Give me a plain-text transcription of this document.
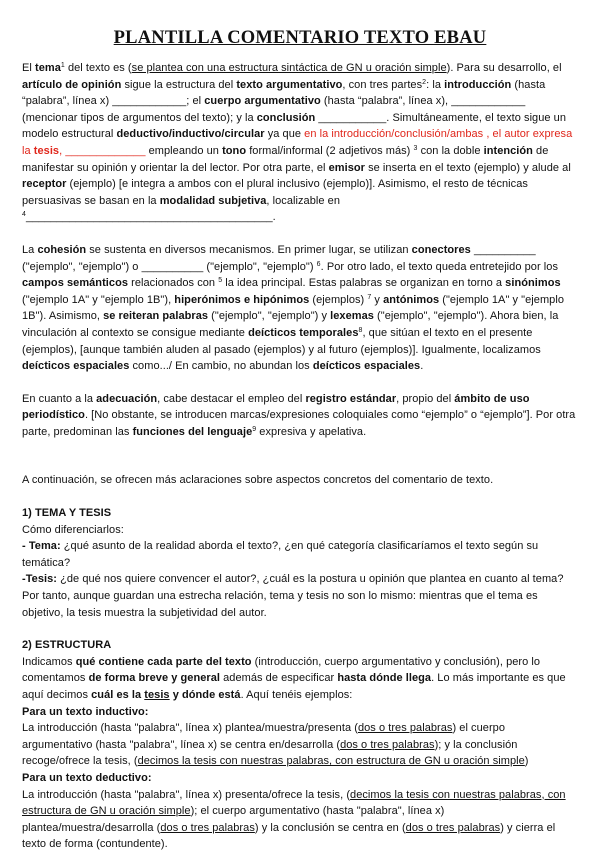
PLANTILLA COMENTARIO TEXTO EBAU

El tema$^1$ del texto es (se plantea con una estructura sintáctica de GN u oración simple). Para su desarrollo, el artículo de opinión sigue la estructura del texto argumentativo, con tres partes$^2$: la introducción (hasta “palabra”, línea x) ____________; el cuerpo argumentativo (hasta “palabra”, línea x), ____________ (mencionar tipos de argumentos del texto); y la conclusión ___________. Simultáneamente, el texto sigue un modelo estructural deductivo/inductivo/circular ya que en la introducción/conclusión/ambas , el autor expresa la tesis, _____________ empleando un tono formal/informal (2 adjetivos más) $^3$ con la doble intención de manifestar su opinión y orientar la del lector. Por otra parte, el emisor se inserta en el texto (ejemplo) y alude al receptor (ejemplo) [e integra a ambos con el plural inclusivo (ejemplo)]. Asimismo, el resto de técnicas persuasivas se basan en la modalidad subjetiva, localizable en $^4$________________________________________.

La cohesión se sustenta en diversos mecanismos. En primer lugar, se utilizan conectores __________ ("ejemplo", "ejemplo") o __________ ("ejemplo", "ejemplo") $^6$. Por otro lado, el texto queda entretejido por los campos semánticos relacionados con $^5$ la idea principal. Estas palabras se organizan en torno a sinónimos ("ejemplo 1A" y "ejemplo 1B"), hiperónimos e hipónimos (ejemplos) $^7$ y antónimos ("ejemplo 1A" y "ejemplo 1B"). Asimismo, se reiteran palabras ("ejemplo", "ejemplo") y lexemas ("ejemplo", "ejemplo"). Ahora bien, la vinculación al contexto se consigue mediante deícticos temporales$^8$, que sitúan el texto en el presente (ejemplos), [aunque también aluden al pasado (ejemplos) y al futuro (ejemplos)]. Igualmente, localizamos deícticos espaciales como.../ En cambio, no abundan los deícticos espaciales.

En cuanto a la adecuación, cabe destacar el empleo del registro estándar, propio del ámbito de uso periodístico. [No obstante, se introducen marcas/expresiones coloquiales como “ejemplo” o “ejemplo”]. Por otra parte, predominan las funciones del lenguaje$^9$ expresiva y apelativa.

A continuación, se ofrecen más aclaraciones sobre aspectos concretos del comentario de texto.

1) TEMA Y TESIS

Cómo diferenciarlos:

- Tema: ¿qué asunto de la realidad aborda el texto?, ¿en qué categoría clasificaríamos el texto según su temática?

-Tesis: ¿de qué nos quiere convencer el autor?, ¿cuál es la postura u opinión que plantea en cuanto al tema? Por tanto, aunque guardan una estrecha relación, tema y tesis no son lo mismo: mientras que el tema es objetivo, la tesis muestra la subjetividad del autor.

2) ESTRUCTURA

Indicamos qué contiene cada parte del texto (introducción, cuerpo argumentativo y conclusión), pero lo comentamos de forma breve y general además de especificar hasta dónde llega. Lo más importante es que aquí decimos cuál es la tesis y dónde está. Aquí tenéis ejemplos:

Para un texto inductivo:

La introducción (hasta "palabra", línea x) plantea/muestra/presenta (dos o tres palabras) el cuerpo argumentativo (hasta "palabra", línea x) se centra en/desarrolla (dos o tres palabras); y la conclusión recoge/ofrece la tesis, (decimos la tesis con nuestras palabras, con estructura de GN u oración simple)

Para un texto deductivo:

La introducción (hasta "palabra", línea x) presenta/ofrece la tesis, (decimos la tesis con nuestras palabras, con estructura de GN u oración simple); el cuerpo argumentativo (hasta "palabra", línea x) plantea/muestra/desarrolla (dos o tres palabras) y la conclusión se centra en (dos o tres palabras) y cierra el texto de forma (contundente).
